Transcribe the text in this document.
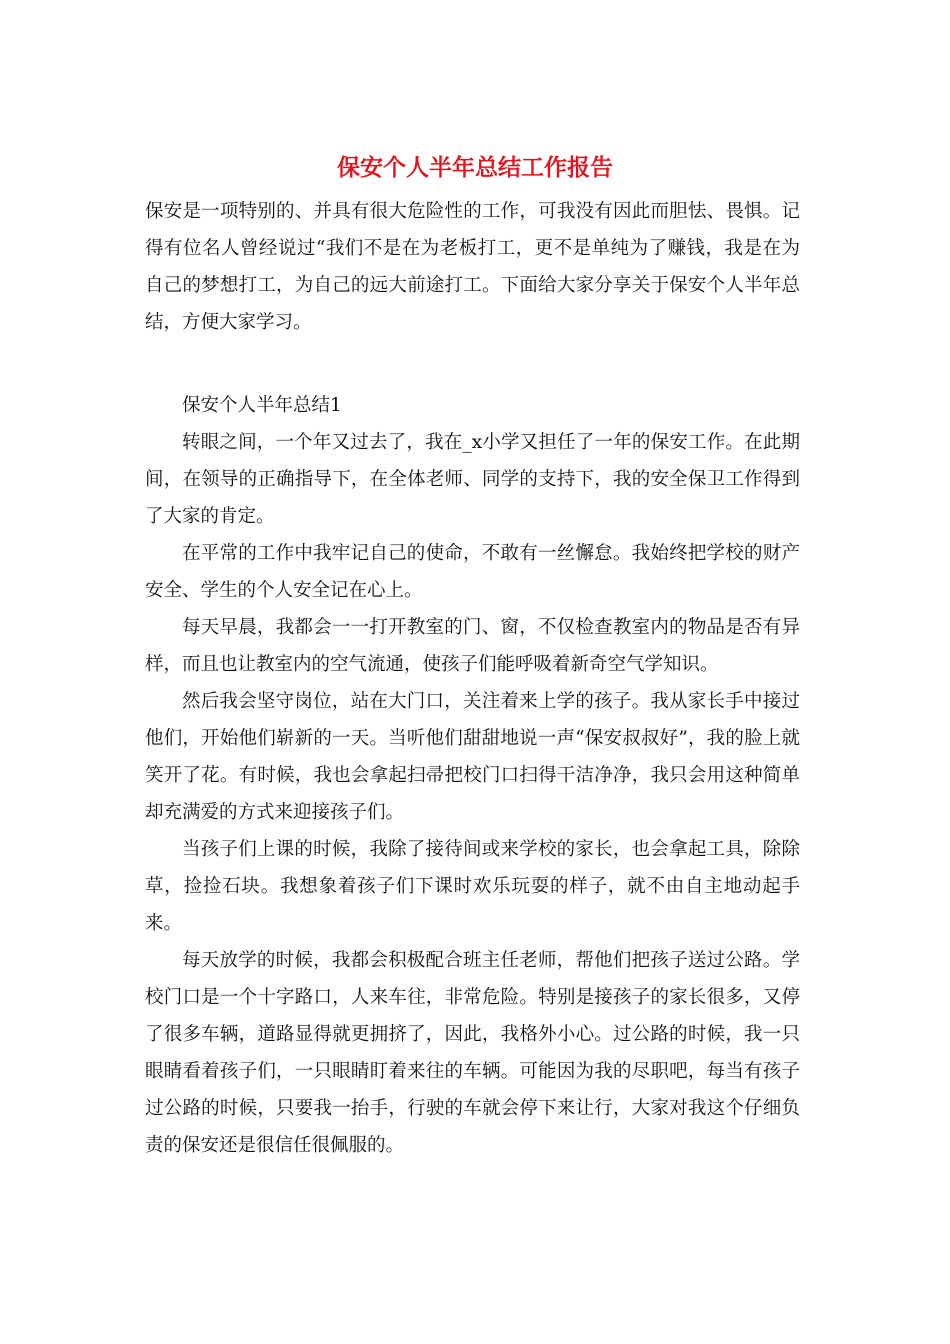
保安个人半年总结工作报告

保安是一项特别的、并具有很大危险性的工作，可我没有因此而胆怯、畏惧。记得有位名人曾经说过“我们不是在为老板打工，更不是单纯为了赚钱，我是在为自己的梦想打工，为自己的远大前途打工。下面给大家分享关于保安个人半年总结，方便大家学习。

保安个人半年总结1

转眼之间，一个年又过去了，我在_x小学又担任了一年的保安工作。在此期间，在领导的正确指导下，在全体老师、同学的支持下，我的安全保卫工作得到了大家的肯定。

在平常的工作中我牢记自己的使命，不敢有一丝懈怠。我始终把学校的财产安全、学生的个人安全记在心上。

每天早晨，我都会一一打开教室的门、窗，不仅检查教室内的物品是否有异样，而且也让教室内的空气流通，使孩子们能呼吸着新奇空气学知识。

然后我会坚守岗位，站在大门口，关注着来上学的孩子。我从家长手中接过他们，开始他们崭新的一天。当听他们甜甜地说一声“保安叔叔好”，我的脸上就笑开了花。有时候，我也会拿起扫帚把校门口扫得干洁净净，我只会用这种简单却充满爱的方式来迎接孩子们。

当孩子们上课的时候，我除了接待间或来学校的家长，也会拿起工具，除除草，捡捡石块。我想象着孩子们下课时欢乐玩耍的样子，就不由自主地动起手来。

每天放学的时候，我都会积极配合班主任老师，帮他们把孩子送过公路。学校门口是一个十字路口，人来车往，非常危险。特别是接孩子的家长很多，又停了很多车辆，道路显得就更拥挤了，因此，我格外小心。过公路的时候，我一只眼睛看着孩子们，一只眼睛盯着来往的车辆。可能因为我的尽职吧，每当有孩子过公路的时候，只要我一抬手，行驶的车就会停下来让行，大家对我这个仔细负责的保安还是很信任很佩服的。
